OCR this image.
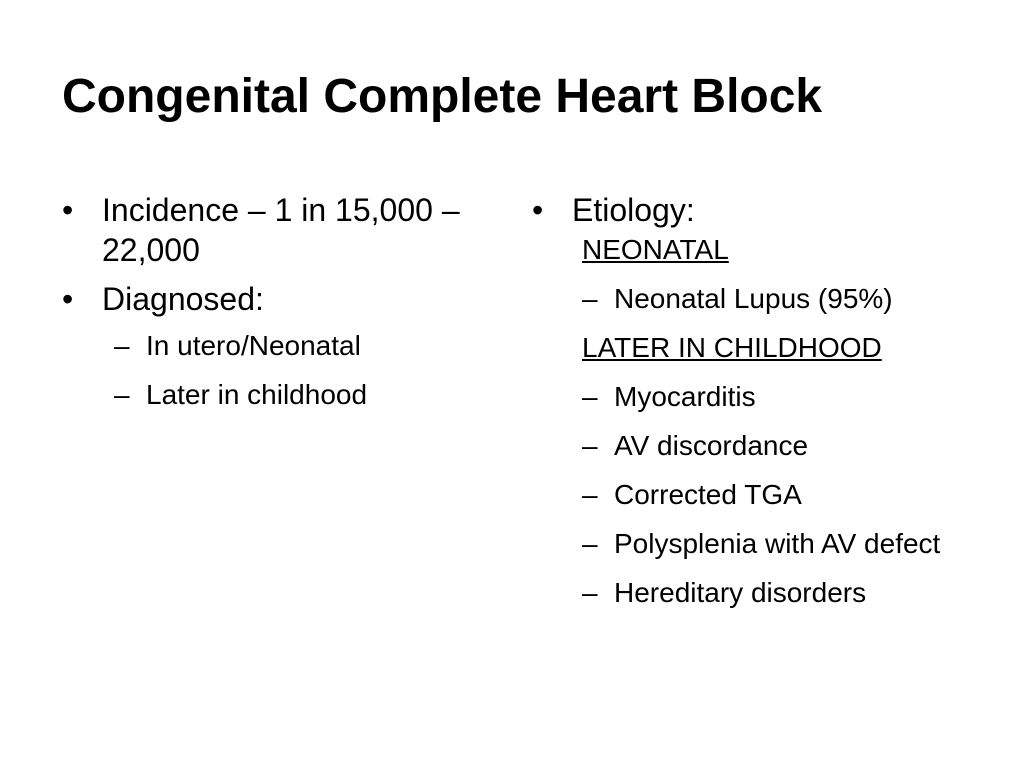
Congenital Complete Heart Block
• Incidence – 1 in 15,000 – 22,000
• Diagnosed:
– In utero/Neonatal
– Later in childhood
• Etiology:
NEONATAL
– Neonatal Lupus (95%)
LATER IN CHILDHOOD
– Myocarditis
– AV discordance
– Corrected TGA
– Polysplenia with AV defect
– Hereditary disorders
